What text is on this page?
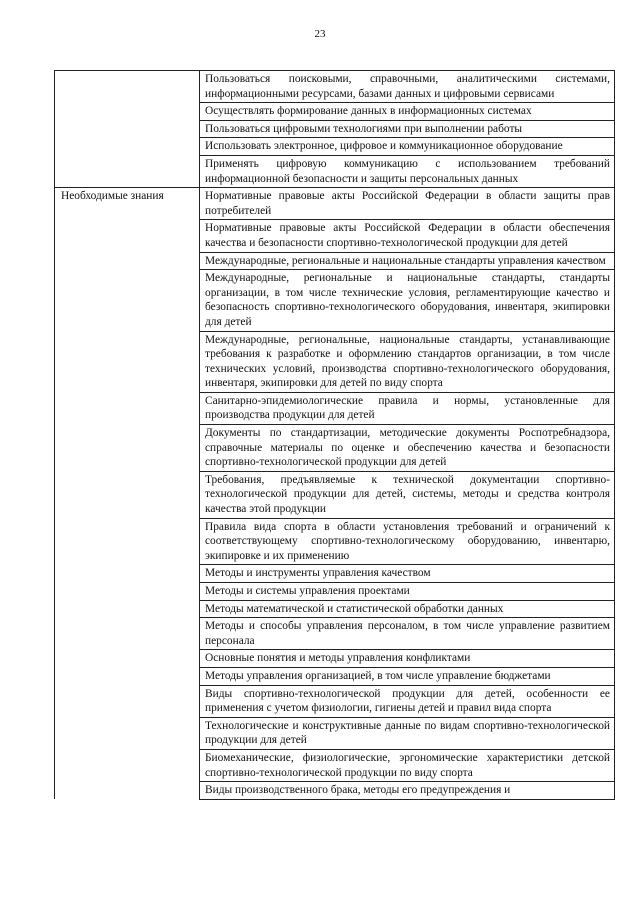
23
	Пользоваться поисковыми, справочными, аналитическими системами, информационными ресурсами, базами данных и цифровыми сервисами
	Осуществлять формирование данных в информационных системах
	Пользоваться цифровыми технологиями при выполнении работы
	Использовать электронное, цифровое и коммуникационное оборудование
	Применять цифровую коммуникацию с использованием требований информационной безопасности и защиты персональных данных
Необходимые знания	Нормативные правовые акты Российской Федерации в области защиты прав потребителей
	Нормативные правовые акты Российской Федерации в области обеспечения качества и безопасности спортивно-технологической продукции для детей
	Международные, региональные и национальные стандарты управления качеством
	Международные, региональные и национальные стандарты, стандарты организации, в том числе технические условия, регламентирующие качество и безопасность спортивно-технологического оборудования, инвентаря, экипировки для детей
	Международные, региональные, национальные стандарты, устанавливающие требования к разработке и оформлению стандартов организации, в том числе технических условий, производства спортивно-технологического оборудования, инвентаря, экипировки для детей по виду спорта
	Санитарно-эпидемиологические правила и нормы, установленные для производства продукции для детей
	Документы по стандартизации, методические документы Роспотребнадзора, справочные материалы по оценке и обеспечению качества и безопасности спортивно-технологической продукции для детей
	Требования, предъявляемые к технической документации спортивно-технологической продукции для детей, системы, методы и средства контроля качества этой продукции
	Правила вида спорта в области установления требований и ограничений к соответствующему спортивно-технологическому оборудованию, инвентарю, экипировке и их применению
	Методы и инструменты управления качеством
	Методы и системы управления проектами
	Методы математической и статистической обработки данных
	Методы и способы управления персоналом, в том числе управление развитием персонала
	Основные понятия и методы управления конфликтами
	Методы управления организацией, в том числе управление бюджетами
	Виды спортивно-технологической продукции для детей, особенности ее применения с учетом физиологии, гигиены детей и правил вида спорта
	Технологические и конструктивные данные по видам спортивно-технологической продукции для детей
	Биомеханические, физиологические, эргономические характеристики детской спортивно-технологической продукции по виду спорта
	Виды производственного брака, методы его предупреждения и
